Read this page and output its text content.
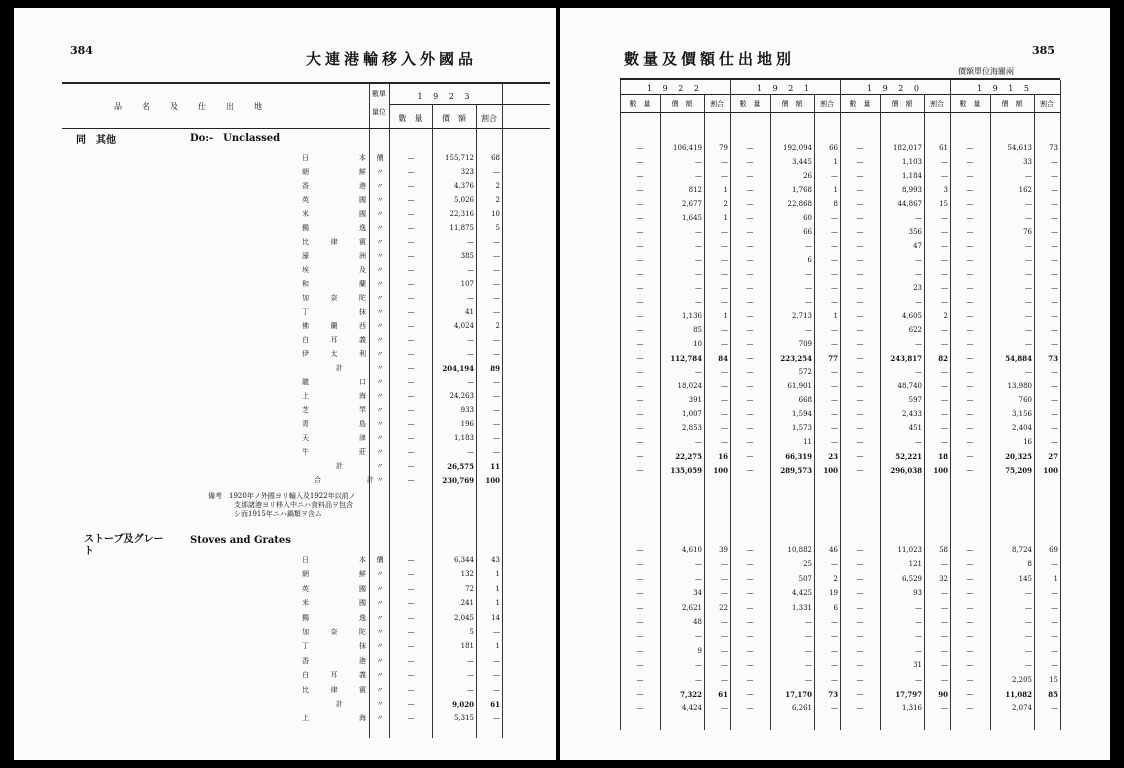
384	大連港輸移入外國品
品　名　及　仕　出　地
數單
量位
1 9 2 3
數　量	價　額	割合
同　其他	Do:-　Unclassed
日本	價	—	155,712	68
朝鮮	〃	—	323	—
香港	〃	—	4,376	2
英國	〃	—	5,026	2
米國	〃	—	22,316	10
獨逸	〃	—	11,875	5
比律賓	〃	—	—	—
濠洲	〃	—	385	—
埃及	〃	—	—	—
和蘭	〃	—	107	—
加奈陀	〃	—	—	—
丁抹	〃	—	41	—
佛蘭西	〃	—	4,024	2
白耳義	〃	—	—	—
伊太利	〃	—	—	—
計	〃	—	204,194	89
龍口	〃	—	—	—
上海	〃	—	24,263	—
芝罘	〃	—	933	—
青島	〃	—	196	—
天津	〃	—	1,183	—
牛莊	〃	—	—	—
計	〃	—	26,575	11
合計 〃	—	230,769	100
備考　1920年ノ外國ヨリ輸入及1922年以前ノ
支那諸港ヨリ移入中ニハ食料品ヲ包含
シ而1915年ニハ鍋類ヲ含ム
ストーブ及グレート
Stoves and Grates
日本	價	—	6,344	43
朝鮮	〃	—	132	1
英國	〃	—	72	1
米國	〃	—	241	1
獨逸	〃	—	2,045	14
加奈陀	〃	—	5	—
丁抹	〃	—	181	1
香港	〃	—	—	—
白耳義	〃	—	—	—
比律賓	〃	—	—	—
計	〃	—	9,020	61
上海	〃	—	5,315	—
385
數量及價額仕出地別
價額單位海關兩
1 9 2 2
數　量	價　額	割合
1 9 2 1
數　量	價　額	割合
1 9 2 0
數　量	價　額	割合
1 9 1 5
數　量	價　額	割合
—	106,419	79	—	192,094	66	—	182,017	61	—	54,613	73
—	—	—	—	3,445	1	—	1,103	—	—	33	—
—	—	—	—	26	—	—	1,184	—	—	—	—
—	812	1	—	1,768	1	—	8,993	3	—	162	—
—	2,677	2	—	22,868	8	—	44,867	15	—	—	—
—	1,645	1	—	60	—	—	—	—	—	—	—
—	—	—	—	66	—	—	356	—	—	76	—
—	—	—	—	—	—	—	47	—	—	—	—
—	—	—	—	6	—	—	—	—	—	—	—
—	—	—	—	—	—	—	—	—	—	—	—
—	—	—	—	—	—	—	23	—	—	—	—
—	—	—	—	—	—	—	—	—	—	—	—
—	1,136	1	—	2,713	1	—	4,605	2	—	—	—
—	85	—	—	—	—	—	622	—	—	—	—
—	10	—	—	709	—	—	—	—	—	—	—
—	112,784	84	—	223,254	77	—	243,817	82	—	54,884	73
—	—	—	—	572	—	—	—	—	—	—	—
—	18,024	—	—	61,901	—	—	48,740	—	—	13,980	—
—	391	—	—	668	—	—	597	—	—	760	—
—	1,007	—	—	1,594	—	—	2,433	—	—	3,156	—
—	2,853	—	—	1,573	—	—	451	—	—	2,404	—
—	—	—	—	11	—	—	—	—	—	16	—
—	22,275	16	—	66,319	23	—	52,221	18	—	20,325	27
—	135,059	100	—	289,573	100	—	296,038	100	—	75,209	100
—	4,610	39	—	10,882	46	—	11,023	58	—	8,724	69
—	—	—	—	25	—	—	121	—	—	8	—
—	—	—	—	507	2	—	6,529	32	—	145	1
—	34	—	—	4,425	19	—	93	—	—	—	—
—	2,621	22	—	1,331	6	—	—	—	—	—	—
—	48	—	—	—	—	—	—	—	—	—	—
—	—	—	—	—	—	—	—	—	—	—	—
—	9	—	—	—	—	—	—	—	—	—	—
—	—	—	—	—	—	—	31	—	—	—	—
—	—	—	—	—	—	—	—	—	—	2,205	15
—	7,322	61	—	17,170	73	—	17,797	90	—	11,082	85
—	4,424	—	—	6,261	—	—	1,316	—	—	2,074	—
